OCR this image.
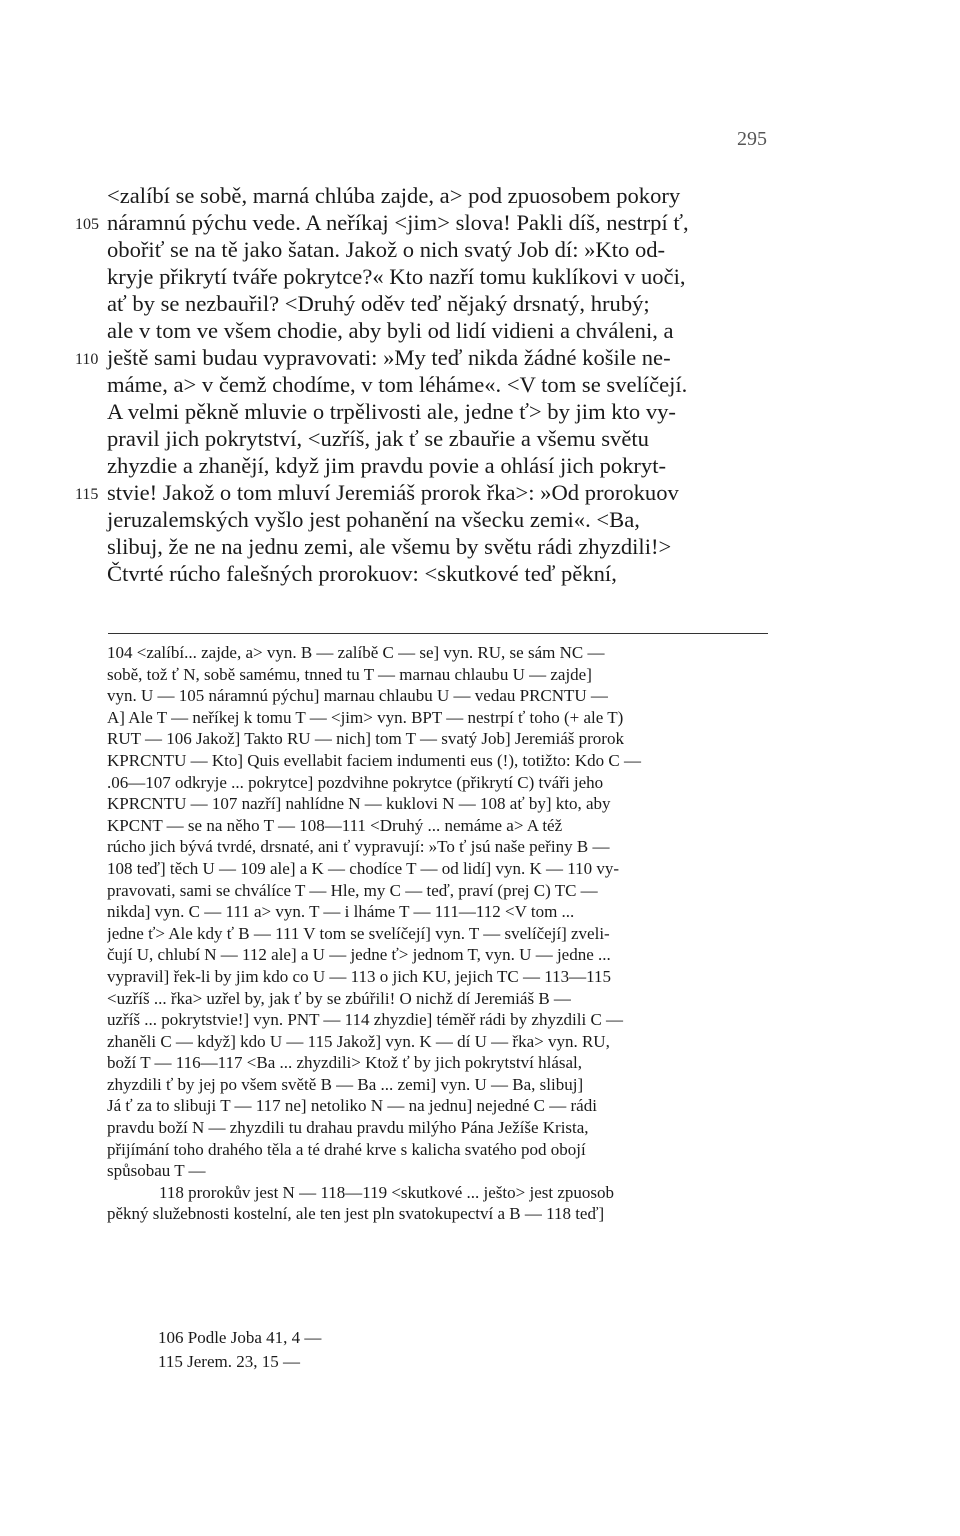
295
<zalíbí se sobě, marná chlúba zajde, a> pod zpuosobem pokory
105 náramnú pýchu vede. A neříkaj <jim> slova! Pakli díš, nestrpí ť,
obořiť se na tě jako šatan. Jakož o nich svatý Job dí: »Kto od-
kryje přikrytí tváře pokrytce?« Kto nazří tomu kuklíkovi v uoči,
ať by se nezbauřil? <Druhý oděv teď nějaký drsnatý, hrubý;
ale v tom ve všem chodie, aby byli od lidí vidieni a chváleni, a
110 ještě sami budau vypravovati: »My teď nikda žádné košile ne-
máme, a> v čemž chodíme, v tom léháme«. <V tom se svelíčejí.
A velmi pěkně mluvie o trpělivosti ale, jedne ť> by jim kto vy-
pravil jich pokrytství, <uzříš, jak ť se zbauřie a všemu světu
zhyzdie a zhanějí, když jim pravdu povie a ohlásí jich pokryt-
115 stvie! Jakož o tom mluví Jeremiáš prorok řka>: »Od prorokuov
jeruzalemských vyšlo jest pohanění na všecku zemi«. <Ba,
slibuj, že ne na jednu zemi, ale všemu by světu rádi zhyzdili!>
Čtvrté rúcho falešných prorokuov: <skutkové teď pěkní,
104 <zalíbí... zajde, a> vyn. B — zalíbě C — se] vyn. RU, se sám NC —
sobě, tož ť N, sobě samému, tnned tu T — marnau chlaubu U — zajde]
vyn. U — 105 náramnú pýchu] marnau chlaubu U — vedau PRCNTU —
A] Ale T — neříkej k tomu T — <jim> vyn. BPT — nestrpí ť toho (+ ale T)
RUT — 106 Jakož] Takto RU — nich] tom T — svatý Job] Jeremiáš prorok
KPRCNTU — Kto] Quis evellabit faciem indumenti eus (!), totižto: Kdo C —
.06—107 odkryje ... pokrytce] pozdvihne pokrytce (přikrytí C) tváři jeho
KPRCNTU — 107 nazří] nahlídne N — kuklovi N — 108 ať by] kto, aby
KPCNT — se na něho T — 108—111 <Druhý ... nemáme a> A též
rúcho jich bývá tvrdé, drsnaté, ani ť vypravují: »To ť jsú naše peřiny B —
108 teď] těch U — 109 ale] a K — chodíce T — od lidí] vyn. K — 110 vy-
pravovati, sami se chválíce T — Hle, my C — teď, praví (prej C) TC —
nikda] vyn. C — 111 a> vyn. T — i lháme T — 111—112 <V tom ...
jedne ť> Ale kdy ť B — 111 V tom se svelíčejí] vyn. T — svelíčejí] zveli-
čují U, chlubí N — 112 ale] a U — jedne ť> jednom T, vyn. U — jedne ...
vypravil] řek-li by jim kdo co U — 113 o jich KU, jejich TC — 113—115
<uzříš ... řka> uzřel by, jak ť by se zbúřili! O nichž dí Jeremiáš B —
uzříš ... pokrytstvie!] vyn. PNT — 114 zhyzdie] téměř rádi by zhyzdili C —
zhaněli C — když] kdo U — 115 Jakož] vyn. K — dí U — řka> vyn. RU,
boží T — 116—117 <Ba ... zhyzdili> Ktož ť by jich pokrytství hlásal,
zhyzdili ť by jej po všem světě B — Ba ... zemi] vyn. U — Ba, slibuj]
Já ť za to slibuji T — 117 ne] netoliko N — na jednu] nejedné C — rádi
pravdu boží N — zhyzdili tu drahau pravdu milýho Pána Ježíše Krista,
přijímání toho drahého těla a té drahé krve s kalicha svatého pod obojí
spůsobau T —
118 prorokův jest N — 118—119 <skutkové ... ješto> jest zpuosob
pěkný služebnosti kostelní, ale ten jest pln svatokupectví a B — 118 teď]
106 Podle Joba 41, 4 —
115 Jerem. 23, 15 —
